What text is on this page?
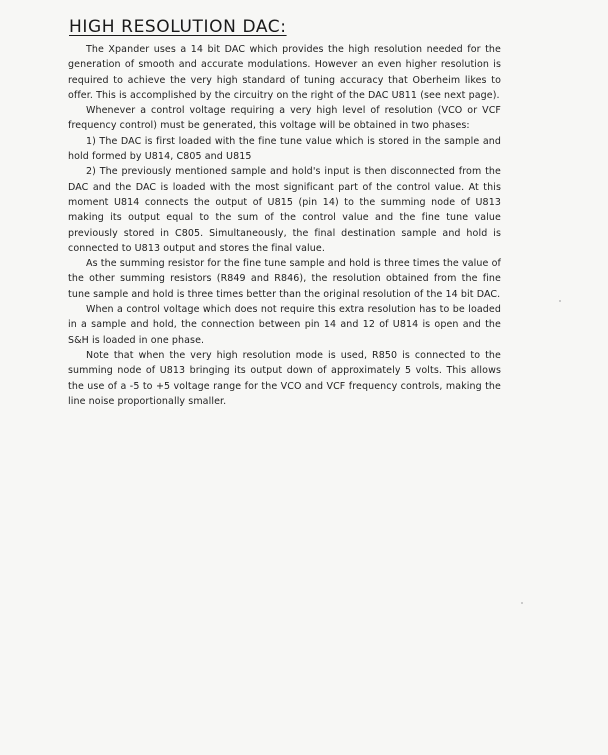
HIGH RESOLUTION DAC:

The Xpander uses a 14 bit DAC which provides the high resolution needed for the generation of smooth and accurate modulations. However an even higher resolution is required to achieve the very high standard of tuning accuracy that Oberheim likes to offer. This is accomplished by the circuitry on the right of the DAC U811 (see next page).

Whenever a control voltage requiring a very high level of resolution (VCO or VCF frequency control) must be generated, this voltage will be obtained in two phases:

1) The DAC is first loaded with the fine tune value which is stored in the sample and hold formed by U814, C805 and U815

2) The previously mentioned sample and hold's input is then disconnected from the DAC and the DAC is loaded with the most significant part of the control value. At this moment U814 connects the output of U815 (pin 14) to the summing node of U813 making its output equal to the sum of the control value and the fine tune value previously stored in C805. Simultaneously, the final destination sample and hold is connected to U813 output and stores the final value.

As the summing resistor for the fine tune sample and hold is three times the value of the other summing resistors (R849 and R846), the resolution obtained from the fine tune sample and hold is three times better than the original resolution of the 14 bit DAC.

When a control voltage which does not require this extra resolution has to be loaded in a sample and hold, the connection between pin 14 and 12 of U814 is open and the S&H is loaded in one phase.

Note that when the very high resolution mode is used, R850 is connected to the summing node of U813 bringing its output down of approximately 5 volts. This allows the use of a -5 to +5 voltage range for the VCO and VCF frequency controls, making the line noise proportionally smaller.
